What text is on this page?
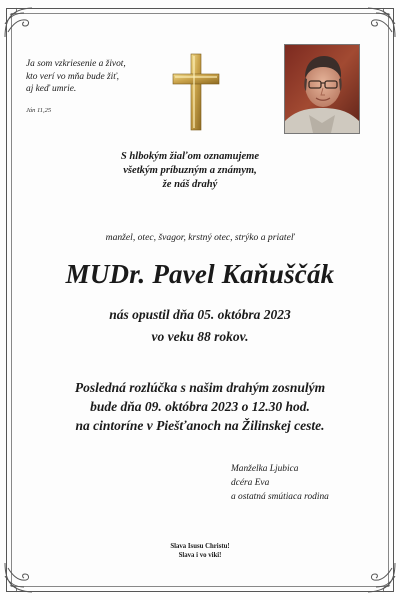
Ja som vzkriesenie a život,
kto verí vo mňa bude žiť,
aj keď umrie.
Ján 11,25
S hlbokým žiaľom oznamujeme
všetkým príbuzným a známym,
že náš drahý
manžel, otec, švagor, krstný otec, strýko a priateľ
MUDr. Pavel Kaňuščák
nás opustil dňa 05. októbra 2023
vo veku 88 rokov.
Posledná rozlúčka s našim drahým zosnulým
bude dňa 09. októbra 2023 o 12.30 hod.
na cintoríne v Piešťanoch na Žilinskej ceste.
Manželka Ljubica
dcéra Eva
a ostatná smútiaca rodina
Slava Isusu Christu!
Slava i vo viki!
